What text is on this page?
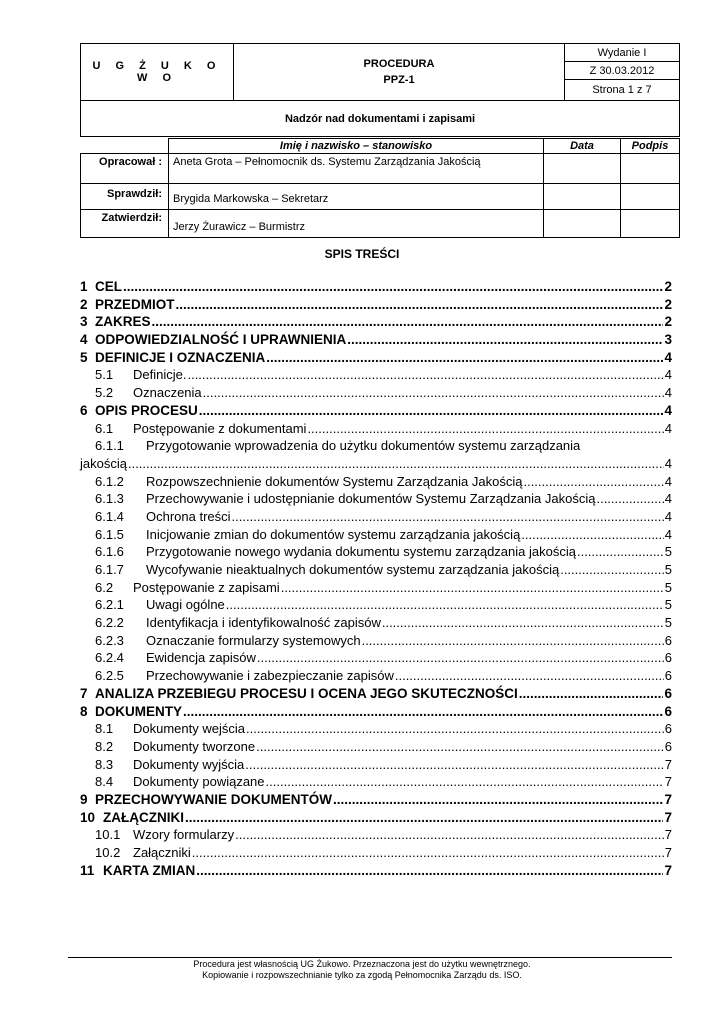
U G Ż U K O W O	
PROCEDURA
PPZ-1
	Wydanie I
Z 30.03.2012
Strona 1 z 7
Nadzór nad dokumentami i zapisami
	Imię i nazwisko – stanowisko	Data	Podpis
Opracował :	Aneta Grota – Pełnomocnik ds. Systemu Zarządzania Jakością		
Sprawdził:	Brygida Markowska – Sekretarz		
Zatwierdził:	Jerzy Żurawicz – Burmistrz		
SPIS TREŚCI
1 CEL .....	2
2 PRZEDMIOT .....	2
3 ZAKRES .....	2
4 ODPOWIEDZIALNOŚĆ I UPRAWNIENIA .....	3
5 DEFINICJE I OZNACZENIA .....	4
5.1	Definicje. .....	4
5.2	Oznaczenia .....	4
6 OPIS PROCESU .....	4
6.1	Postępowanie z dokumentami .....	4
6.1.1	Przygotowanie wprowadzenia do użytku dokumentów systemu zarządzania
jakością .....	4
6.1.2	Rozpowszechnienie dokumentów Systemu Zarządzania Jakością .....	4
6.1.3	Przechowywanie i udostępnianie dokumentów Systemu Zarządzania Jakością .....	4
6.1.4	Ochrona treści .....	4
6.1.5	Inicjowanie zmian do dokumentów systemu zarządzania jakością .....	4
6.1.6	Przygotowanie nowego wydania dokumentu systemu zarządzania jakością .....	5
6.1.7	Wycofywanie nieaktualnych dokumentów systemu zarządzania jakością .....	5
6.2	Postępowanie z zapisami .....	5
6.2.1	Uwagi ogólne .....	5
6.2.2	Identyfikacja i identyfikowalność zapisów .....	5
6.2.3	Oznaczanie formularzy systemowych .....	6
6.2.4	Ewidencja zapisów .....	6
6.2.5	Przechowywanie i zabezpieczanie zapisów .....	6
7 ANALIZA PRZEBIEGU PROCESU I OCENA JEGO SKUTECZNOŚCI .....	6
8 DOKUMENTY .....	6
8.1	Dokumenty wejścia .....	6
8.2	Dokumenty tworzone .....	6
8.3	Dokumenty wyjścia .....	7
8.4	Dokumenty powiązane .....	7
9 PRZECHOWYWANIE DOKUMENTÓW .....	7
10 ZAŁĄCZNIKI .....	7
10.1 Wzory formularzy .....	7
10.2 Załączniki .....	7
11 KARTA ZMIAN .....	7
Procedura jest własnością UG Żukowo. Przeznaczona jest do użytku wewnętrznego.
Kopiowanie i rozpowszechnianie tylko za zgodą Pełnomocnika Zarządu ds. ISO.
